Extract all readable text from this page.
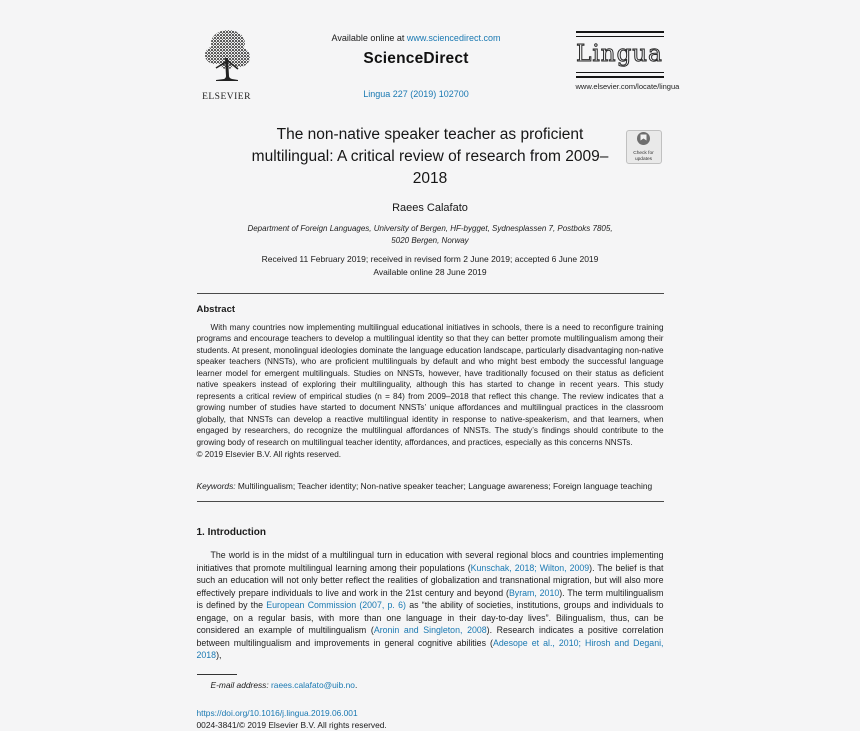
ELSEVIER
Available online at www.sciencedirect.com
ScienceDirect
Lingua 227 (2019) 102700
Lingua
www.elsevier.com/locate/lingua
The non-native speaker teacher as proficient multilingual: A critical review of research from 2009–2018
Check for
updates
Raees Calafato
Department of Foreign Languages, University of Bergen, HF-bygget, Sydnesplassen 7, Postboks 7805,
5020 Bergen, Norway
Received 11 February 2019; received in revised form 2 June 2019; accepted 6 June 2019
Available online 28 June 2019
Abstract

With many countries now implementing multilingual educational initiatives in schools, there is a need to reconfigure training programs and encourage teachers to develop a multilingual identity so that they can better promote multilingualism among their students. At present, monolingual ideologies dominate the language education landscape, particularly disadvantaging non-native speaker teachers (NNSTs), who are proficient multilinguals by default and who might best embody the successful language learner model for emergent multilinguals. Studies on NNSTs, however, have traditionally focused on their status as deficient native speakers instead of exploring their multilinguality, although this has started to change in recent years. This study represents a critical review of empirical studies (n = 84) from 2009–2018 that reflect this change. The review indicates that a growing number of studies have started to document NNSTs’ unique affordances and multilingual practices in the classroom globally, that NNSTs can develop a reactive multilingual identity in response to native-speakerism, and that learners, when engaged by researchers, do recognize the multilingual affordances of NNSTs. The study’s findings should contribute to the growing body of research on multilingual teacher identity, affordances, and practices, especially as this concerns NNSTs.

© 2019 Elsevier B.V. All rights reserved.
Keywords: Multilingualism; Teacher identity; Non-native speaker teacher; Language awareness; Foreign language teaching
1. Introduction

The world is in the midst of a multilingual turn in education with several regional blocs and countries implementing initiatives that promote multilingual learning among their populations (Kunschak, 2018; Wilton, 2009). The belief is that such an education will not only better reflect the realities of globalization and transnational migration, but will also more effectively prepare individuals to live and work in the 21st century and beyond (Byram, 2010). The term multilingualism is defined by the European Commission (2007, p. 6) as “the ability of societies, institutions, groups and individuals to engage, on a regular basis, with more than one language in their day-to-day lives”. Bilingualism, thus, can be considered an example of multilingualism (Aronin and Singleton, 2008). Research indicates a positive correlation between multilingualism and improvements in general cognitive abilities (Adesope et al., 2010; Hirosh and Degani, 2018),

E-mail address: raees.calafato@uib.no.
https://doi.org/10.1016/j.lingua.2019.06.001
0024-3841/© 2019 Elsevier B.V. All rights reserved.
